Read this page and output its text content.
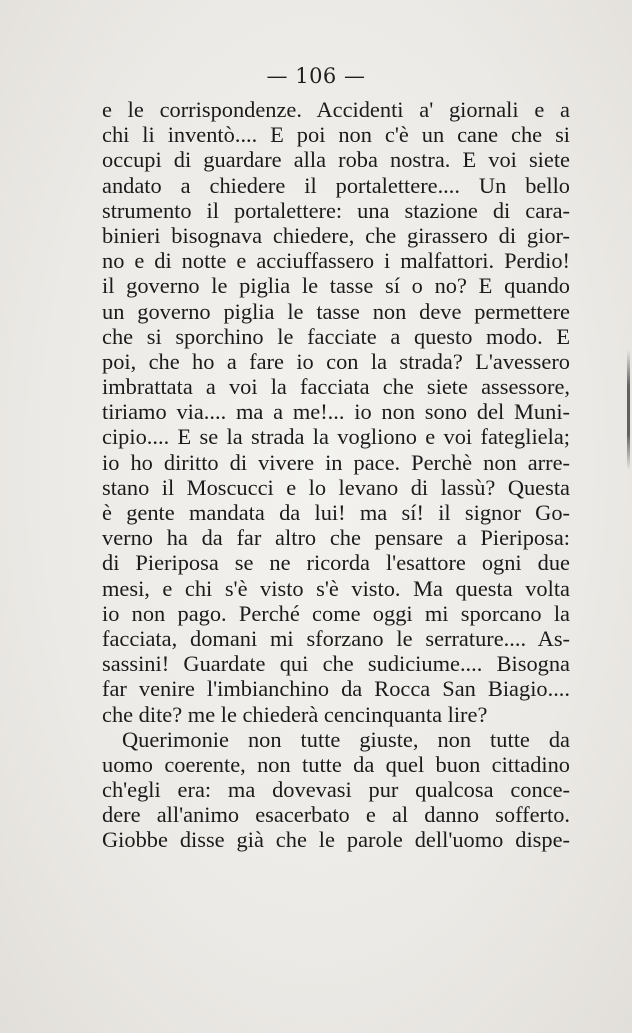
— 106 —
e le corrispondenze. Accidenti a' giornali e a
chi li inventò.... E poi non c'è un cane che si
occupi di guardare alla roba nostra. E voi siete
andato a chiedere il portalettere.... Un bello
strumento il portalettere: una stazione di cara-
binieri bisognava chiedere, che girassero di gior-
no e di notte e acciuffassero i malfattori. Perdio!
il governo le piglia le tasse sí o no? E quando
un governo piglia le tasse non deve permettere
che si sporchino le facciate a questo modo. E
poi, che ho a fare io con la strada? L'avessero
imbrattata a voi la facciata che siete assessore,
tiriamo via.... ma a me!... io non sono del Muni-
cipio.... E se la strada la vogliono e voi fategliela;
io ho diritto di vivere in pace. Perchè non arre-
stano il Moscucci e lo levano di lassù? Questa
è gente mandata da lui! ma sí! il signor Go-
verno ha da far altro che pensare a Pieriposa:
di Pieriposa se ne ricorda l'esattore ogni due
mesi, e chi s'è visto s'è visto. Ma questa volta
io non pago. Perché come oggi mi sporcano la
facciata, domani mi sforzano le serrature.... As-
sassini! Guardate qui che sudiciume.... Bisogna
far venire l'imbianchino da Rocca San Biagio....
che dite? me le chiederà cencinquanta lire?
Querimonie non tutte giuste, non tutte da
uomo coerente, non tutte da quel buon cittadino
ch'egli era: ma dovevasi pur qualcosa conce-
dere all'animo esacerbato e al danno sofferto.
Giobbe disse già che le parole dell'uomo dispe-
